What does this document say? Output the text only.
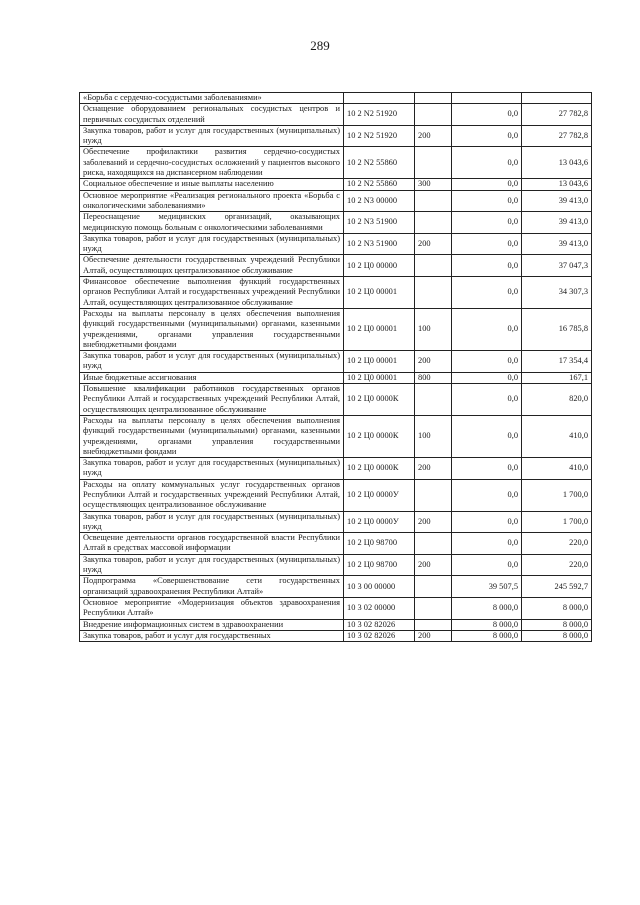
289
«Борьба с сердечно-сосудистыми заболеваниями»				
Оснащение оборудованием региональных сосудистых центров и первичных сосудистых отделений	10 2 N2 51920		0,0	27 782,8
Закупка товаров, работ и услуг для государственных (муниципальных) нужд	10 2 N2 51920	200	0,0	27 782,8
Обеспечение профилактики развития сердечно-сосудистых заболеваний и сердечно-сосудистых осложнений у пациентов высокого риска, находящихся на диспансерном наблюдении	10 2 N2 55860		0,0	13 043,6
Социальное обеспечение и иные выплаты населению	10 2 N2 55860	300	0,0	13 043,6
Основное мероприятие «Реализация регионального проекта «Борьба с онкологическими заболеваниями»	10 2 N3 00000		0,0	39 413,0
Переоснащение медицинских организаций, оказывающих медицинскую помощь больным с онкологическими заболеваниями	10 2 N3 51900		0,0	39 413,0
Закупка товаров, работ и услуг для государственных (муниципальных) нужд	10 2 N3 51900	200	0,0	39 413,0
Обеспечение деятельности государственных учреждений Республики Алтай, осуществляющих централизованное обслуживание	10 2 Ц0 00000		0,0	37 047,3
Финансовое обеспечение выполнения функций государственных органов Республики Алтай и государственных учреждений Республики Алтай, осуществляющих централизованное обслуживание	10 2 Ц0 00001		0,0	34 307,3
Расходы на выплаты персоналу в целях обеспечения выполнения функций государственными (муниципальными) органами, казенными учреждениями, органами управления государственными внебюджетными фондами	10 2 Ц0 00001	100	0,0	16 785,8
Закупка товаров, работ и услуг для государственных (муниципальных) нужд	10 2 Ц0 00001	200	0,0	17 354,4
Иные бюджетные ассигнования	10 2 Ц0 00001	800	0,0	167,1
Повышение квалификации работников государственных органов Республики Алтай и государственных учреждений Республики Алтай, осуществляющих централизованное обслуживание	10 2 Ц0 0000К		0,0	820,0
Расходы на выплаты персоналу в целях обеспечения выполнения функций государственными (муниципальными) органами, казенными учреждениями, органами управления государственными внебюджетными фондами	10 2 Ц0 0000К	100	0,0	410,0
Закупка товаров, работ и услуг для государственных (муниципальных) нужд	10 2 Ц0 0000К	200	0,0	410,0
Расходы на оплату коммунальных услуг государственных органов Республики Алтай и государственных учреждений Республики Алтай, осуществляющих централизованное обслуживание	10 2 Ц0 0000У		0,0	1 700,0
Закупка товаров, работ и услуг для государственных (муниципальных) нужд	10 2 Ц0 0000У	200	0,0	1 700,0
Освещение деятельности органов государственной власти Республики Алтай в средствах массовой информации	10 2 Ц0 98700		0,0	220,0
Закупка товаров, работ и услуг для государственных (муниципальных) нужд	10 2 Ц0 98700	200	0,0	220,0
Подпрограмма «Совершенствование сети государственных организаций здравоохранения Республики Алтай»	10 3 00 00000		39 507,5	245 592,7
Основное мероприятие «Модернизация объектов здравоохранения Республики Алтай»	10 3 02 00000		8 000,0	8 000,0
Внедрение информационных систем в здравоохранении	10 3 02 82026		8 000,0	8 000,0
Закупка товаров, работ и услуг для государственных	10 3 02 82026	200	8 000,0	8 000,0
